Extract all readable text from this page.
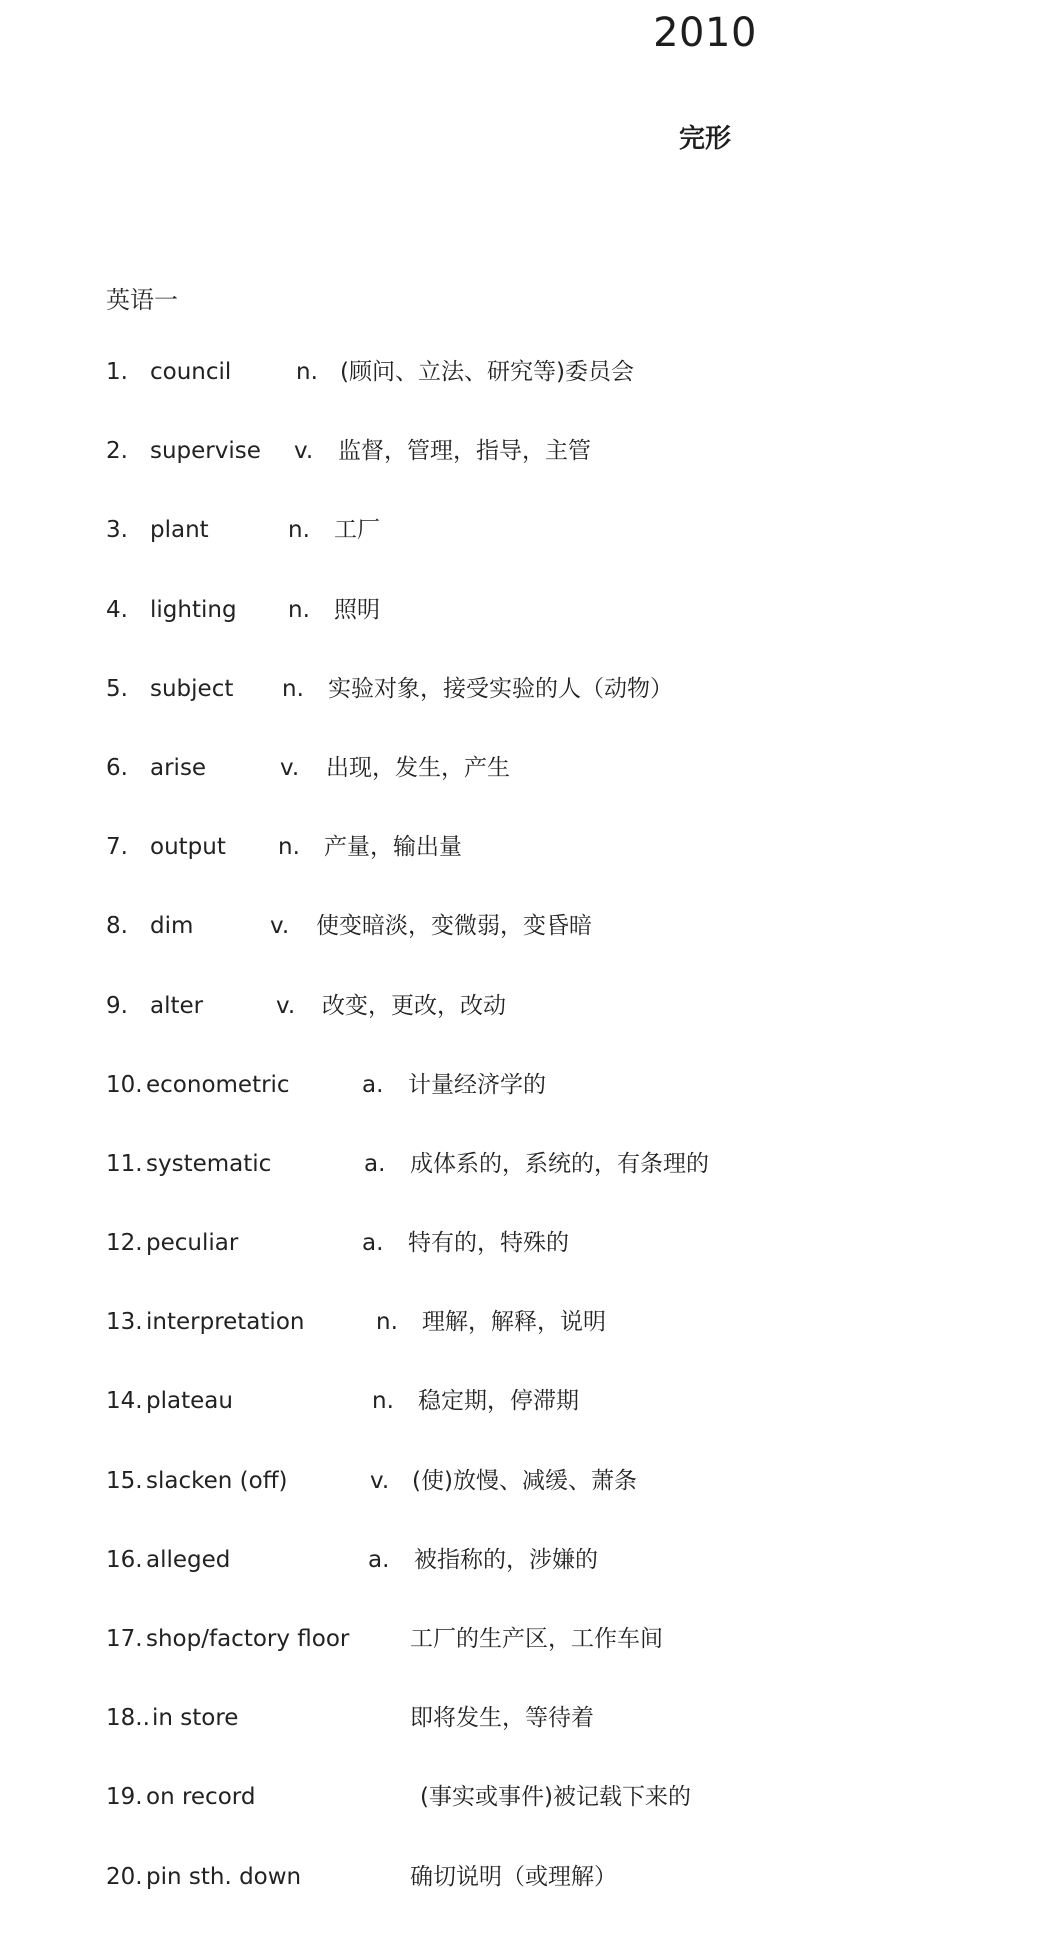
2010
完形
英语一
1. council	n. (顾问、立法、研究等)委员会
2. supervise v. 监督，管理，指导，主管
3. plant	n. 工厂
4. lighting n. 照明
5. subject n. 实验对象，接受实验的人（动物）
6. arise	v. 出现，发生，产生
7. output n. 产量，输出量
8. dim	v. 使变暗淡，变微弱，变昏暗
9. alter	v. 改变，更改，改动
10. econometric	a. 计量经济学的
11. systematic	a. 成体系的，系统的，有条理的
12. peculiar	a. 特有的，特殊的
13. interpretation	n. 理解，解释，说明
14. plateau	n. 稳定期，停滞期
15. slacken (off)	v. (使)放慢、减缓、萧条
16. alleged	a. 被指称的，涉嫌的
17. shop/factory floor	工厂的生产区，工作车间
18.. in store	即将发生，等待着
19. on record	(事实或事件)被记载下来的
20. pin sth. down	确切说明（或理解）
